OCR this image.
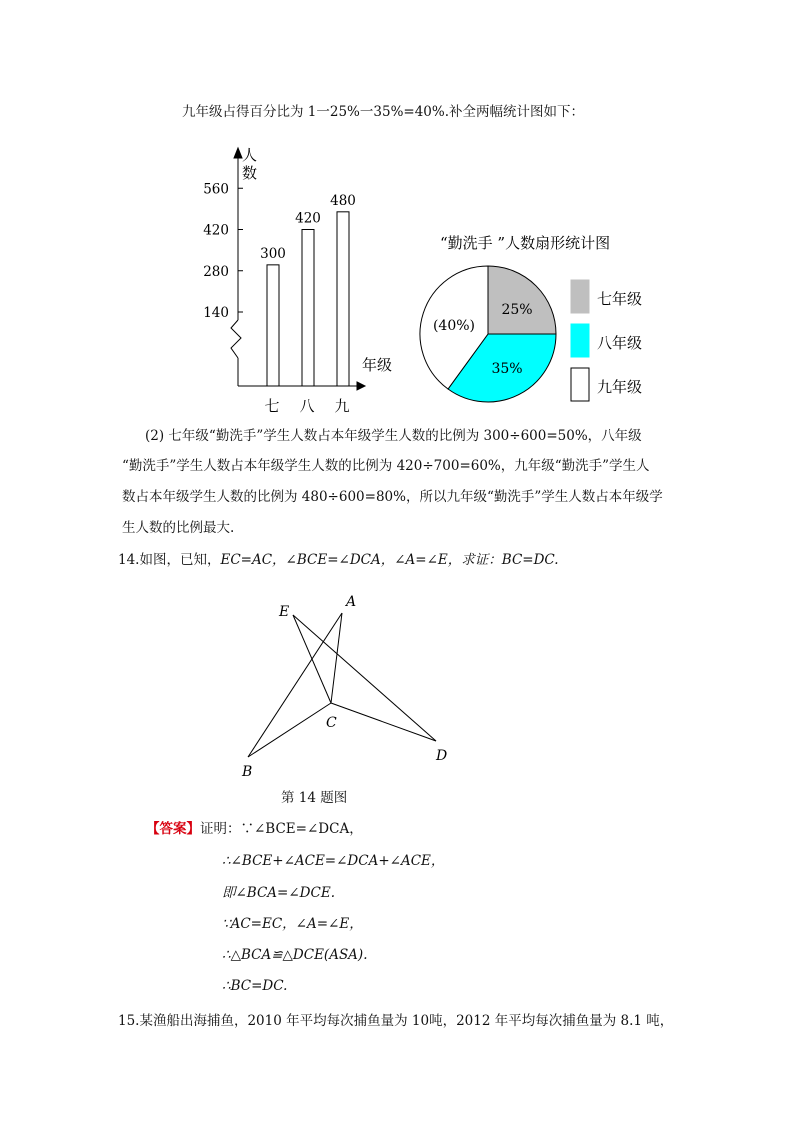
九年级占得百分比为 1一25%一35%=40%.补全两幅统计图如下：
人数
年级
560
420
280
140
300
七
420
八
480
九
“勤洗手 ”人数扇形统计图
25%
35%
(40%)
七年级
八年级
九年级
(2) 七年级“勤洗手”学生人数占本年级学生人数的比例为 300÷600=50%，八年级
“勤洗手”学生人数占本年级学生人数的比例为 420÷700=60%，九年级“勤洗手”学生人
数占本年级学生人数的比例为 480÷600=80%，所以九年级“勤洗手”学生人数占本年级学
生人数的比例最大.
14.如图，已知，EC=AC，∠BCE=∠DCA，∠A=∠E，求证：BC=DC.
E
A
C
B
D
第 14 题图
【答案】证明：∵∠BCE=∠DCA，
∴∠BCE+∠ACE=∠DCA+∠ACE，
即∠BCA=∠DCE.
∵AC=EC，∠A=∠E，
∴△BCA≌△DCE(ASA).
∴BC=DC.
15.某渔船出海捕鱼，2010 年平均每次捕鱼量为 10吨，2012 年平均每次捕鱼量为 8.1 吨，
